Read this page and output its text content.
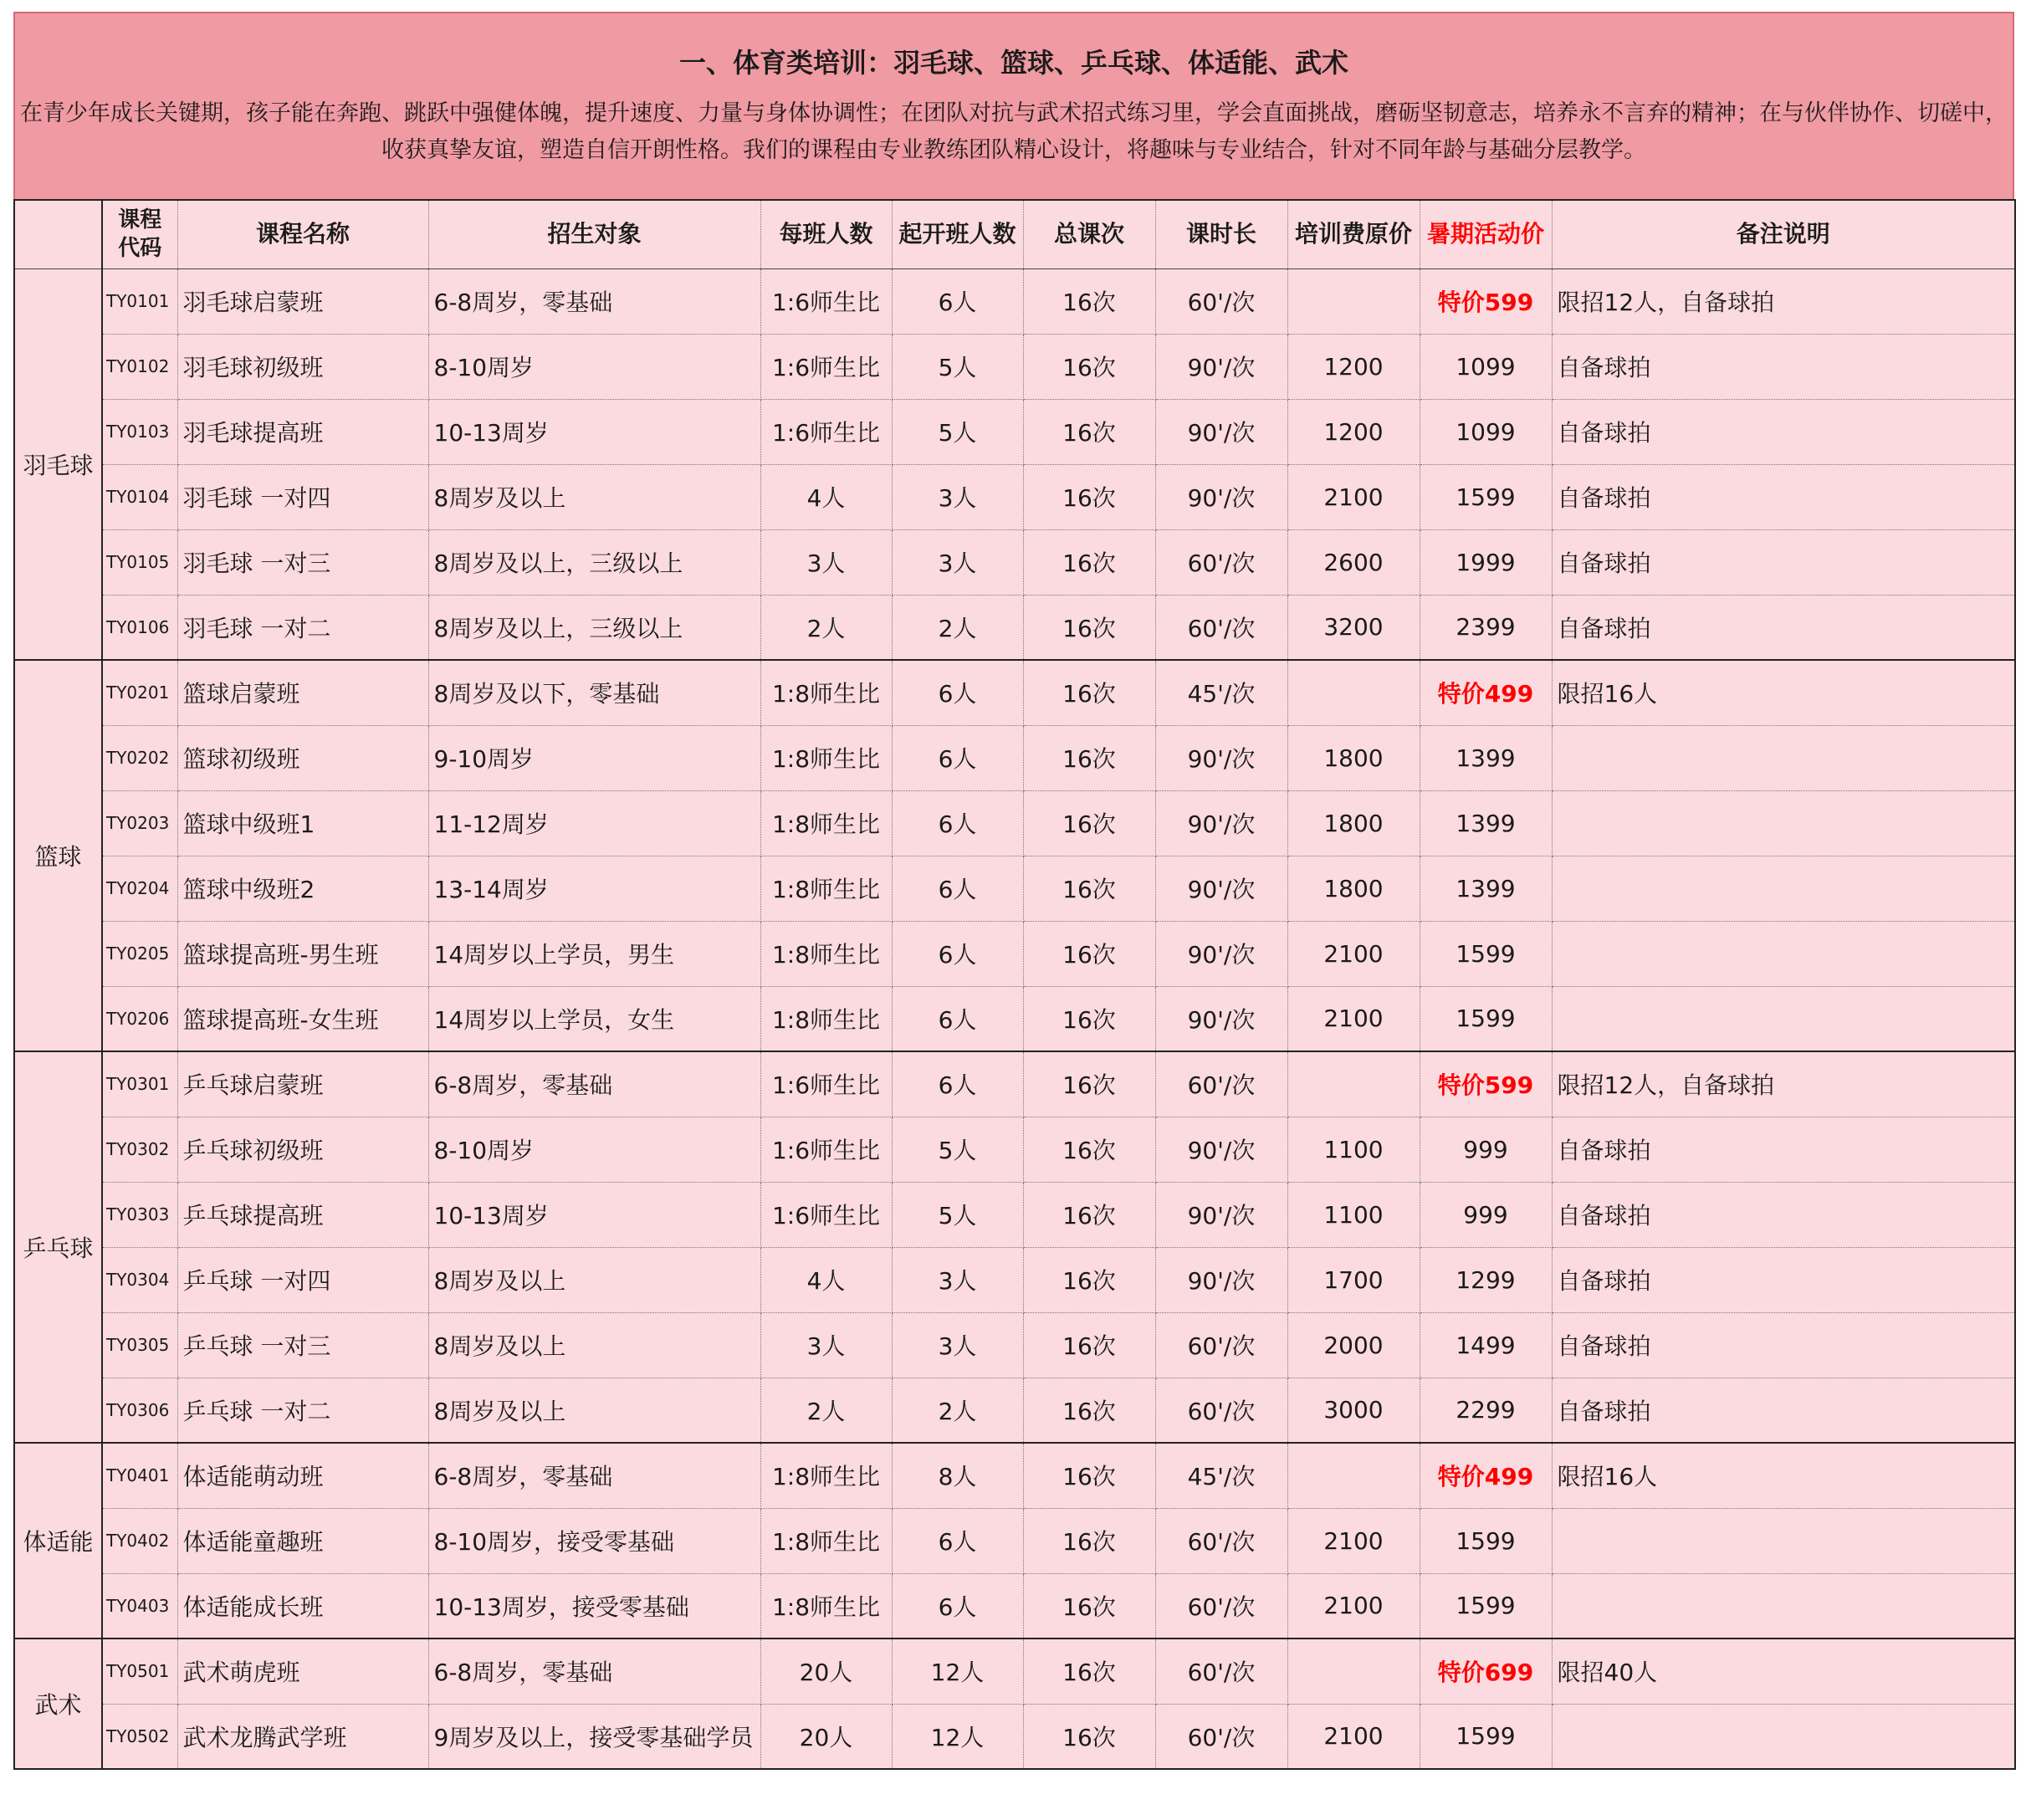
一、体育类培训：羽毛球、篮球、乒乓球、体适能、武术
在青少年成长关键期，孩子能在奔跑、跳跃中强健体魄，提升速度、力量与身体协调性；在团队对抗与武术招式练习里，学会直面挑战，磨砺坚韧意志，培养永不言弃的精神；在与伙伴协作、切磋中，收获真挚友谊，塑造自信开朗性格。我们的课程由专业教练团队精心设计，将趣味与专业结合，针对不同年龄与基础分层教学。
	课程代码	课程名称	招生对象	每班人数	起开班人数	总课次	课时长	培训费原价	暑期活动价	备注说明
羽毛球	TY0101	羽毛球启蒙班	6-8周岁，零基础	1:6师生比	6人	16次	60'/次		特价599	限招12人，自备球拍
	TY0102	羽毛球初级班	8-10周岁	1:6师生比	5人	16次	90'/次	1200	1099	自备球拍
	TY0103	羽毛球提高班	10-13周岁	1:6师生比	5人	16次	90'/次	1200	1099	自备球拍
	TY0104	羽毛球 一对四	8周岁及以上	4人	3人	16次	90'/次	2100	1599	自备球拍
	TY0105	羽毛球 一对三	8周岁及以上，三级以上	3人	3人	16次	60'/次	2600	1999	自备球拍
	TY0106	羽毛球 一对二	8周岁及以上，三级以上	2人	2人	16次	60'/次	3200	2399	自备球拍
篮球	TY0201	篮球启蒙班	8周岁及以下，零基础	1:8师生比	6人	16次	45'/次		特价499	限招16人
	TY0202	篮球初级班	9-10周岁	1:8师生比	6人	16次	90'/次	1800	1399	
	TY0203	篮球中级班1	11-12周岁	1:8师生比	6人	16次	90'/次	1800	1399	
	TY0204	篮球中级班2	13-14周岁	1:8师生比	6人	16次	90'/次	1800	1399	
	TY0205	篮球提高班-男生班	14周岁以上学员，男生	1:8师生比	6人	16次	90'/次	2100	1599	
	TY0206	篮球提高班-女生班	14周岁以上学员，女生	1:8师生比	6人	16次	90'/次	2100	1599	
乒乓球	TY0301	乒乓球启蒙班	6-8周岁，零基础	1:6师生比	6人	16次	60'/次		特价599	限招12人，自备球拍
	TY0302	乒乓球初级班	8-10周岁	1:6师生比	5人	16次	90'/次	1100	999	自备球拍
	TY0303	乒乓球提高班	10-13周岁	1:6师生比	5人	16次	90'/次	1100	999	自备球拍
	TY0304	乒乓球 一对四	8周岁及以上	4人	3人	16次	90'/次	1700	1299	自备球拍
	TY0305	乒乓球 一对三	8周岁及以上	3人	3人	16次	60'/次	2000	1499	自备球拍
	TY0306	乒乓球 一对二	8周岁及以上	2人	2人	16次	60'/次	3000	2299	自备球拍
体适能	TY0401	体适能萌动班	6-8周岁，零基础	1:8师生比	8人	16次	45'/次		特价499	限招16人
	TY0402	体适能童趣班	8-10周岁，接受零基础	1:8师生比	6人	16次	60'/次	2100	1599	
	TY0403	体适能成长班	10-13周岁，接受零基础	1:8师生比	6人	16次	60'/次	2100	1599	
武术	TY0501	武术萌虎班	6-8周岁，零基础	20人	12人	16次	60'/次		特价699	限招40人
	TY0502	武术龙腾武学班	9周岁及以上，接受零基础学员	20人	12人	16次	60'/次	2100	1599	
